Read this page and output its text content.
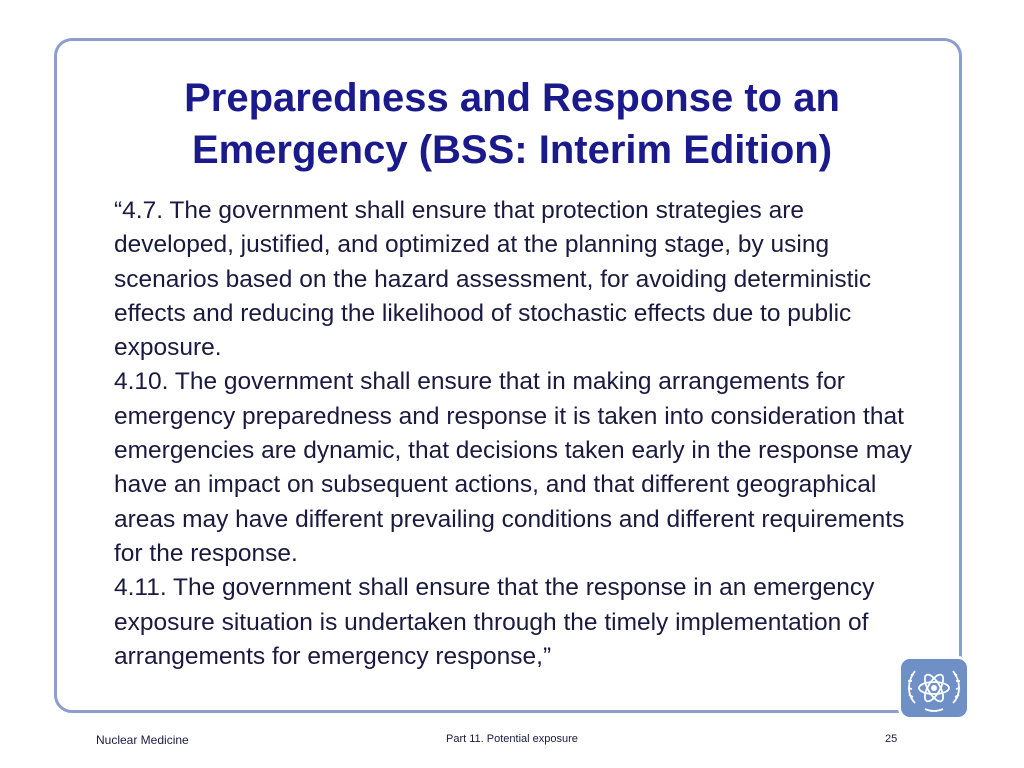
Preparedness and Response to an
Emergency (BSS: Interim Edition)

“4.7. The government shall ensure that protection strategies are developed, justified, and optimized at the planning stage, by using scenarios based on the hazard assessment, for avoiding deterministic effects and reducing the likelihood of stochastic effects due to public exposure.

4.10. The government shall ensure that in making arrangements for emergency preparedness and response it is taken into consideration that emergencies are dynamic, that decisions taken early in the response may have an impact on subsequent actions, and that different geographical areas may have different prevailing conditions and different requirements for the response.

4.11. The government shall ensure that the response in an emergency exposure situation is undertaken through the timely implementation of arrangements for emergency response,”

Nuclear Medicine	Part 11. Potential exposure	25
